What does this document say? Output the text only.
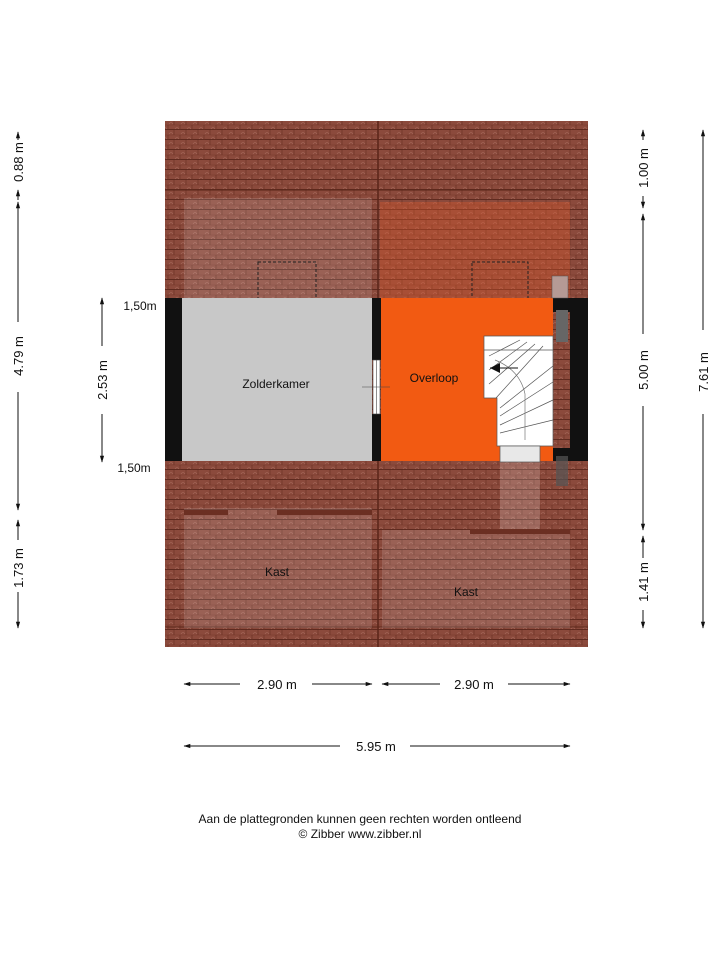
Zolderkamer	Overloop
Kast
Kast
1,50m
1,50m
0.88 m
4.79 m
1.73 m
2.53 m
1.00 m
5.00 m
1.41 m
7.61 m
2.90 m	2.90 m
5.95 m
Aan de plattegronden kunnen geen rechten worden ontleend
© Zibber www.zibber.nl
